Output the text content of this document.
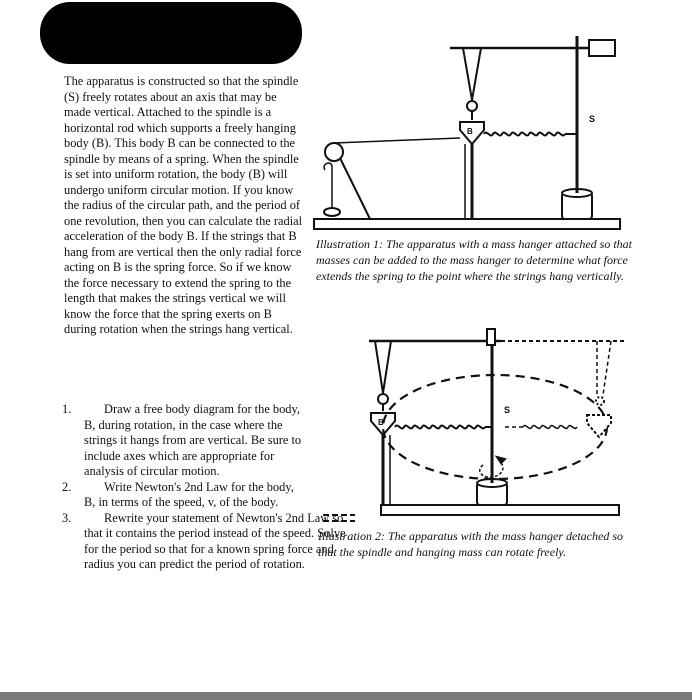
The apparatus is constructed so that the spindle (S) freely rotates about an axis that may be made vertical. Attached to the spindle is a horizontal rod which supports a freely hanging body (B). This body B can be connected to the spindle by means of a spring. When the spindle is set into uniform rotation, the body (B) will undergo uniform circular motion. If you know the radius of the circular path, and the period of one revolution, then you can calculate the radial acceleration of the body B. If the strings that B hang from are vertical then the only radial force acting on B is the spring force. So if we know the force necessary to extend the spring to the length that makes the strings vertical we will know the force that the spring exerts on B during rotation when the strings hang vertical.
1.	Draw a free body diagram for the body, B, during rotation, in the case where the strings it hangs from are vertical. Be sure to include axes which are appropriate for analysis of circular motion.
2.	Write Newton's 2nd Law for the body, B, in terms of the speed, v, of the body.
3.	Rewrite your statement of Newton's 2nd Law so that it contains the period instead of the speed. Solve for the period so that for a known spring force and radius you can predict the period of rotation.
B
S
Illustration 1: The apparatus with a mass hanger attached so that masses can be added to the mass hanger to determine what force extends the spring to the point where the strings hang vertically.
B
S
Illustration 2: The apparatus with the mass hanger detached so that the spindle and hanging mass can rotate freely.
